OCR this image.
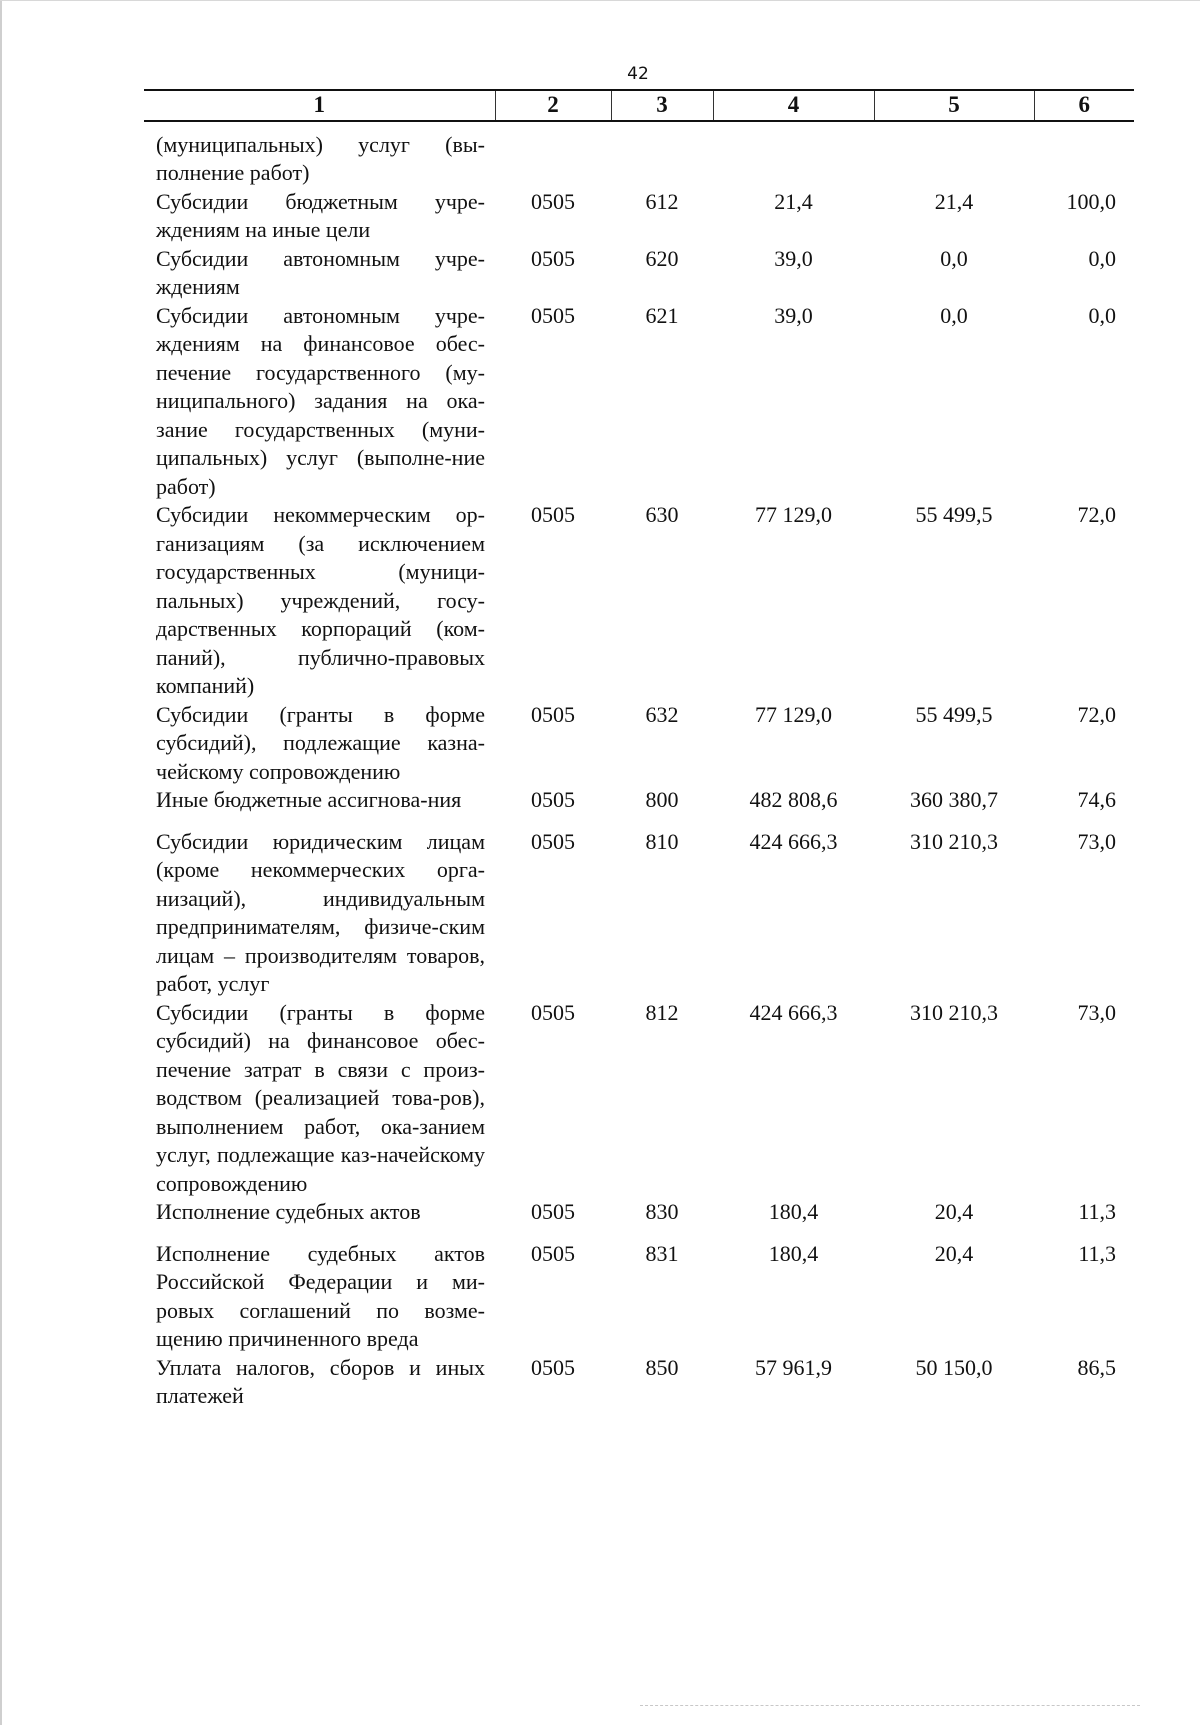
42
1	2	3	4	5	6
(муниципальных) услуг (вы-полнение работ)					
Субсидии бюджетным учре-ждениям на иные цели	0505	612	21,4	21,4	100,0
Субсидии автономным учре-ждениям	0505	620	39,0	0,0	0,0
Субсидии автономным учре-ждениям на финансовое обес-печение государственного (му-ниципального) задания на ока-зание государственных (муни-ципальных) услуг (выполне-ние работ)	0505	621	39,0	0,0	0,0
Субсидии некоммерческим ор-ганизациям (за исключением государственных (муници-пальных) учреждений, госу-дарственных корпораций (ком-паний), публично-правовых компаний)	0505	630	77 129,0	55 499,5	72,0
Субсидии (гранты в форме субсидий), подлежащие казна-чейскому сопровождению	0505	632	77 129,0	55 499,5	72,0
Иные бюджетные ассигнова-ния	0505	800	482 808,6	360 380,7	74,6
Субсидии юридическим лицам (кроме некоммерческих орга-низаций), индивидуальным предпринимателям, физиче-ским лицам – производителям товаров, работ, услуг	0505	810	424 666,3	310 210,3	73,0
Субсидии (гранты в форме субсидий) на финансовое обес-печение затрат в связи с произ-водством (реализацией това-ров), выполнением работ, ока-занием услуг, подлежащие каз-начейскому сопровождению	0505	812	424 666,3	310 210,3	73,0
Исполнение судебных актов	0505	830	180,4	20,4	11,3
Исполнение судебных актов Российской Федерации и ми-ровых соглашений по возме-щению причиненного вреда	0505	831	180,4	20,4	11,3
Уплата налогов, сборов и иных платежей	0505	850	57 961,9	50 150,0	86,5
